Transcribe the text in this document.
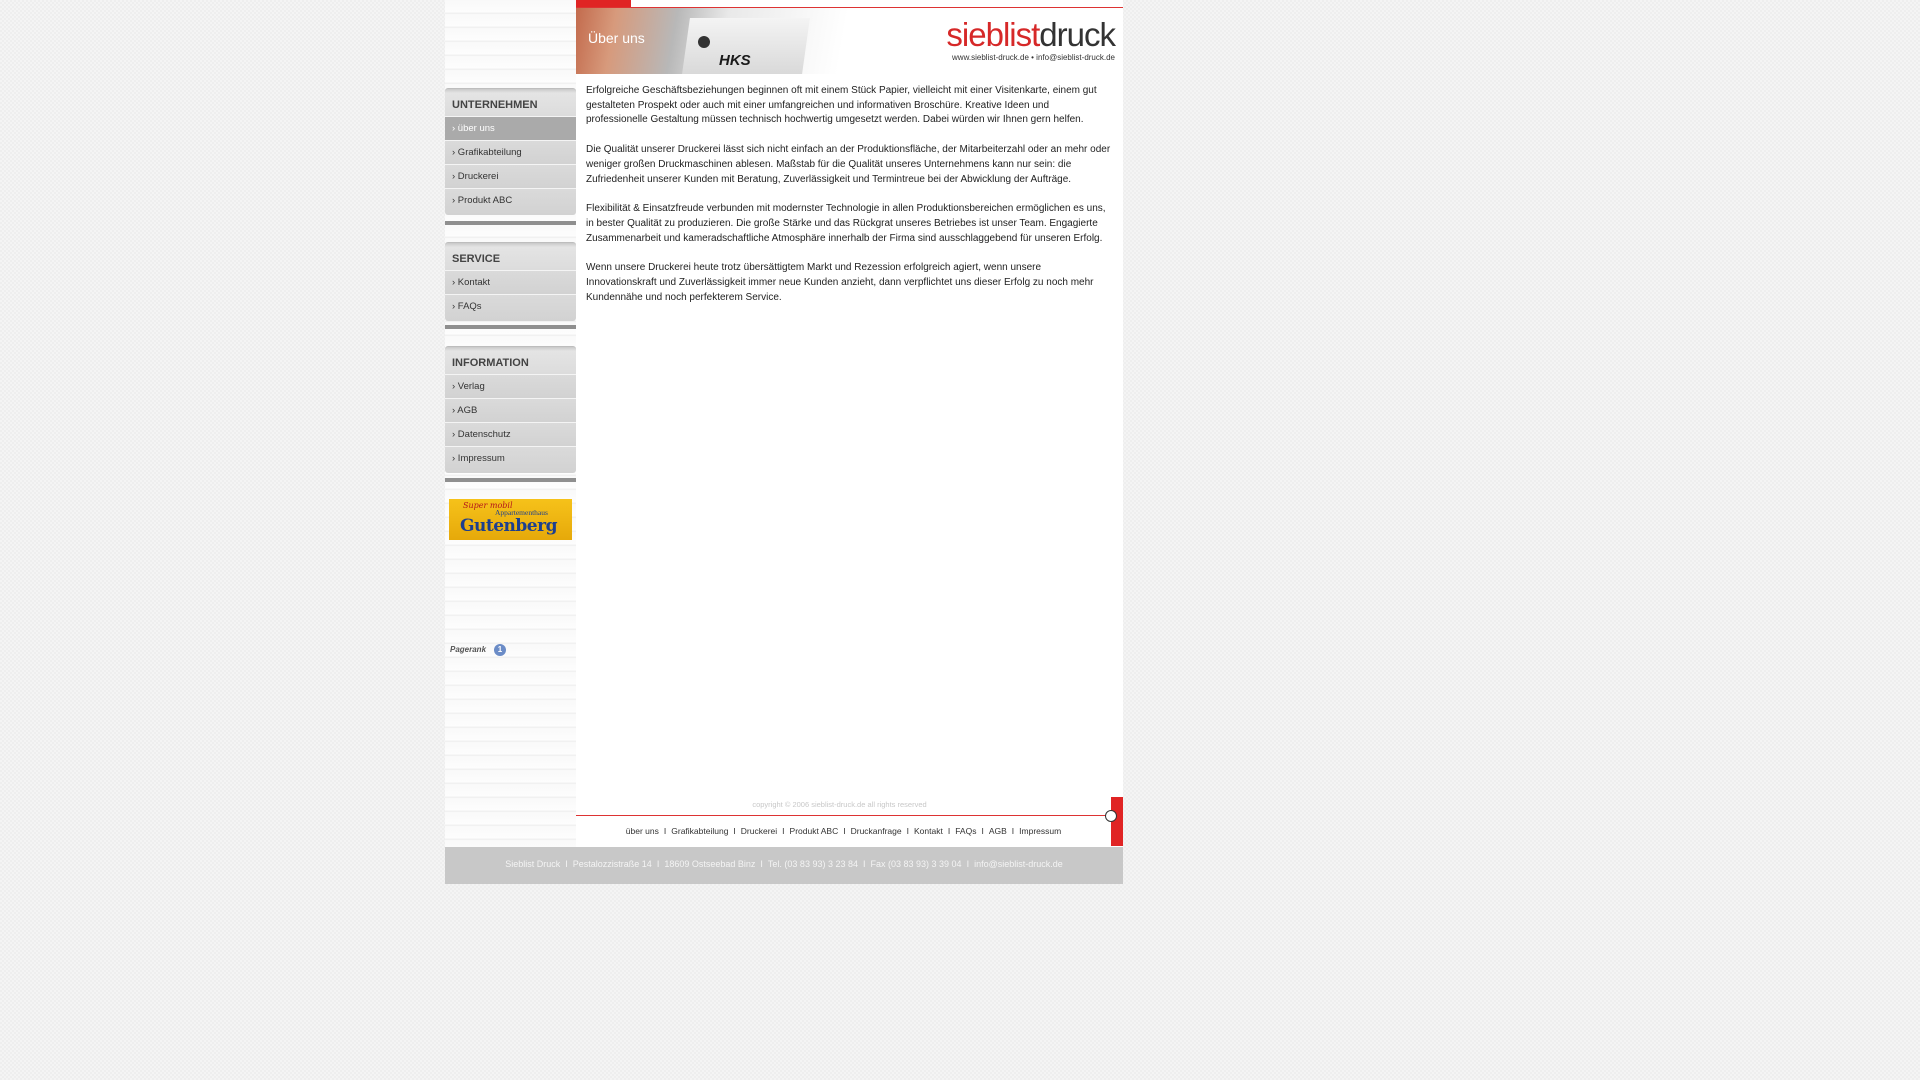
UNTERNEHMEN
› über uns
› Grafikabteilung
› Druckerei
› Produkt ABC
SERVICE
› Kontakt
› FAQs
INFORMATION
› Verlag
› AGB
› Datenschutz
› Impressum
Super mobil
Appartementhaus
Gutenberg
Pagerank 1
HKS
Über uns	sieblistdruck
www.sieblist-druck.de • info@sieblist-druck.de

Erfolgreiche Geschäftsbeziehungen beginnen oft mit einem Stück Papier, vielleicht mit einer Visitenkarte, einem gut gestalteten Prospekt oder auch mit einer umfangreichen und informativen Broschüre. Kreative Ideen und professionelle Gestaltung müssen technisch hochwertig umgesetzt werden. Dabei würden wir Ihnen gern helfen.

Die Qualität unserer Druckerei lässt sich nicht einfach an der Produktionsfläche, der Mitarbeiterzahl oder an mehr oder weniger großen Druckmaschinen ablesen. Maßstab für die Qualität unseres Unternehmens kann nur sein: die Zufriedenheit unserer Kunden mit Beratung, Zuverlässigkeit und Termintreue bei der Abwicklung der Aufträge.

Flexibilität & Einsatzfreude verbunden mit modernster Technologie in allen Produktionsbereichen ermöglichen es uns, in bester Qualität zu produzieren. Die große Stärke und das Rückgrat unseres Betriebes ist unser Team. Engagierte Zusammenarbeit und kameradschaftliche Atmosphäre innerhalb der Firma sind ausschlaggebend für unseren Erfolg.

Wenn unsere Druckerei heute trotz übersättigtem Markt und Rezession erfolgreich agiert, wenn unsere Innovationskraft und Zuverlässigkeit immer neue Kunden anzieht, dann verpflichtet uns dieser Erfolg zu noch mehr Kundennähe und noch perfekterem Service.

copyright © 2006 sieblist-druck.de all rights reserved
über uns I Grafikabteilung I Druckerei I Produkt ABC I Druckanfrage I Kontakt I FAQs I AGB I Impressum
Sieblist Druck I Pestalozzistraße 14 I 18609 Ostseebad Binz I Tel. (03 83 93) 3 23 84 I Fax (03 83 93) 3 39 04 I info@sieblist-druck.de
